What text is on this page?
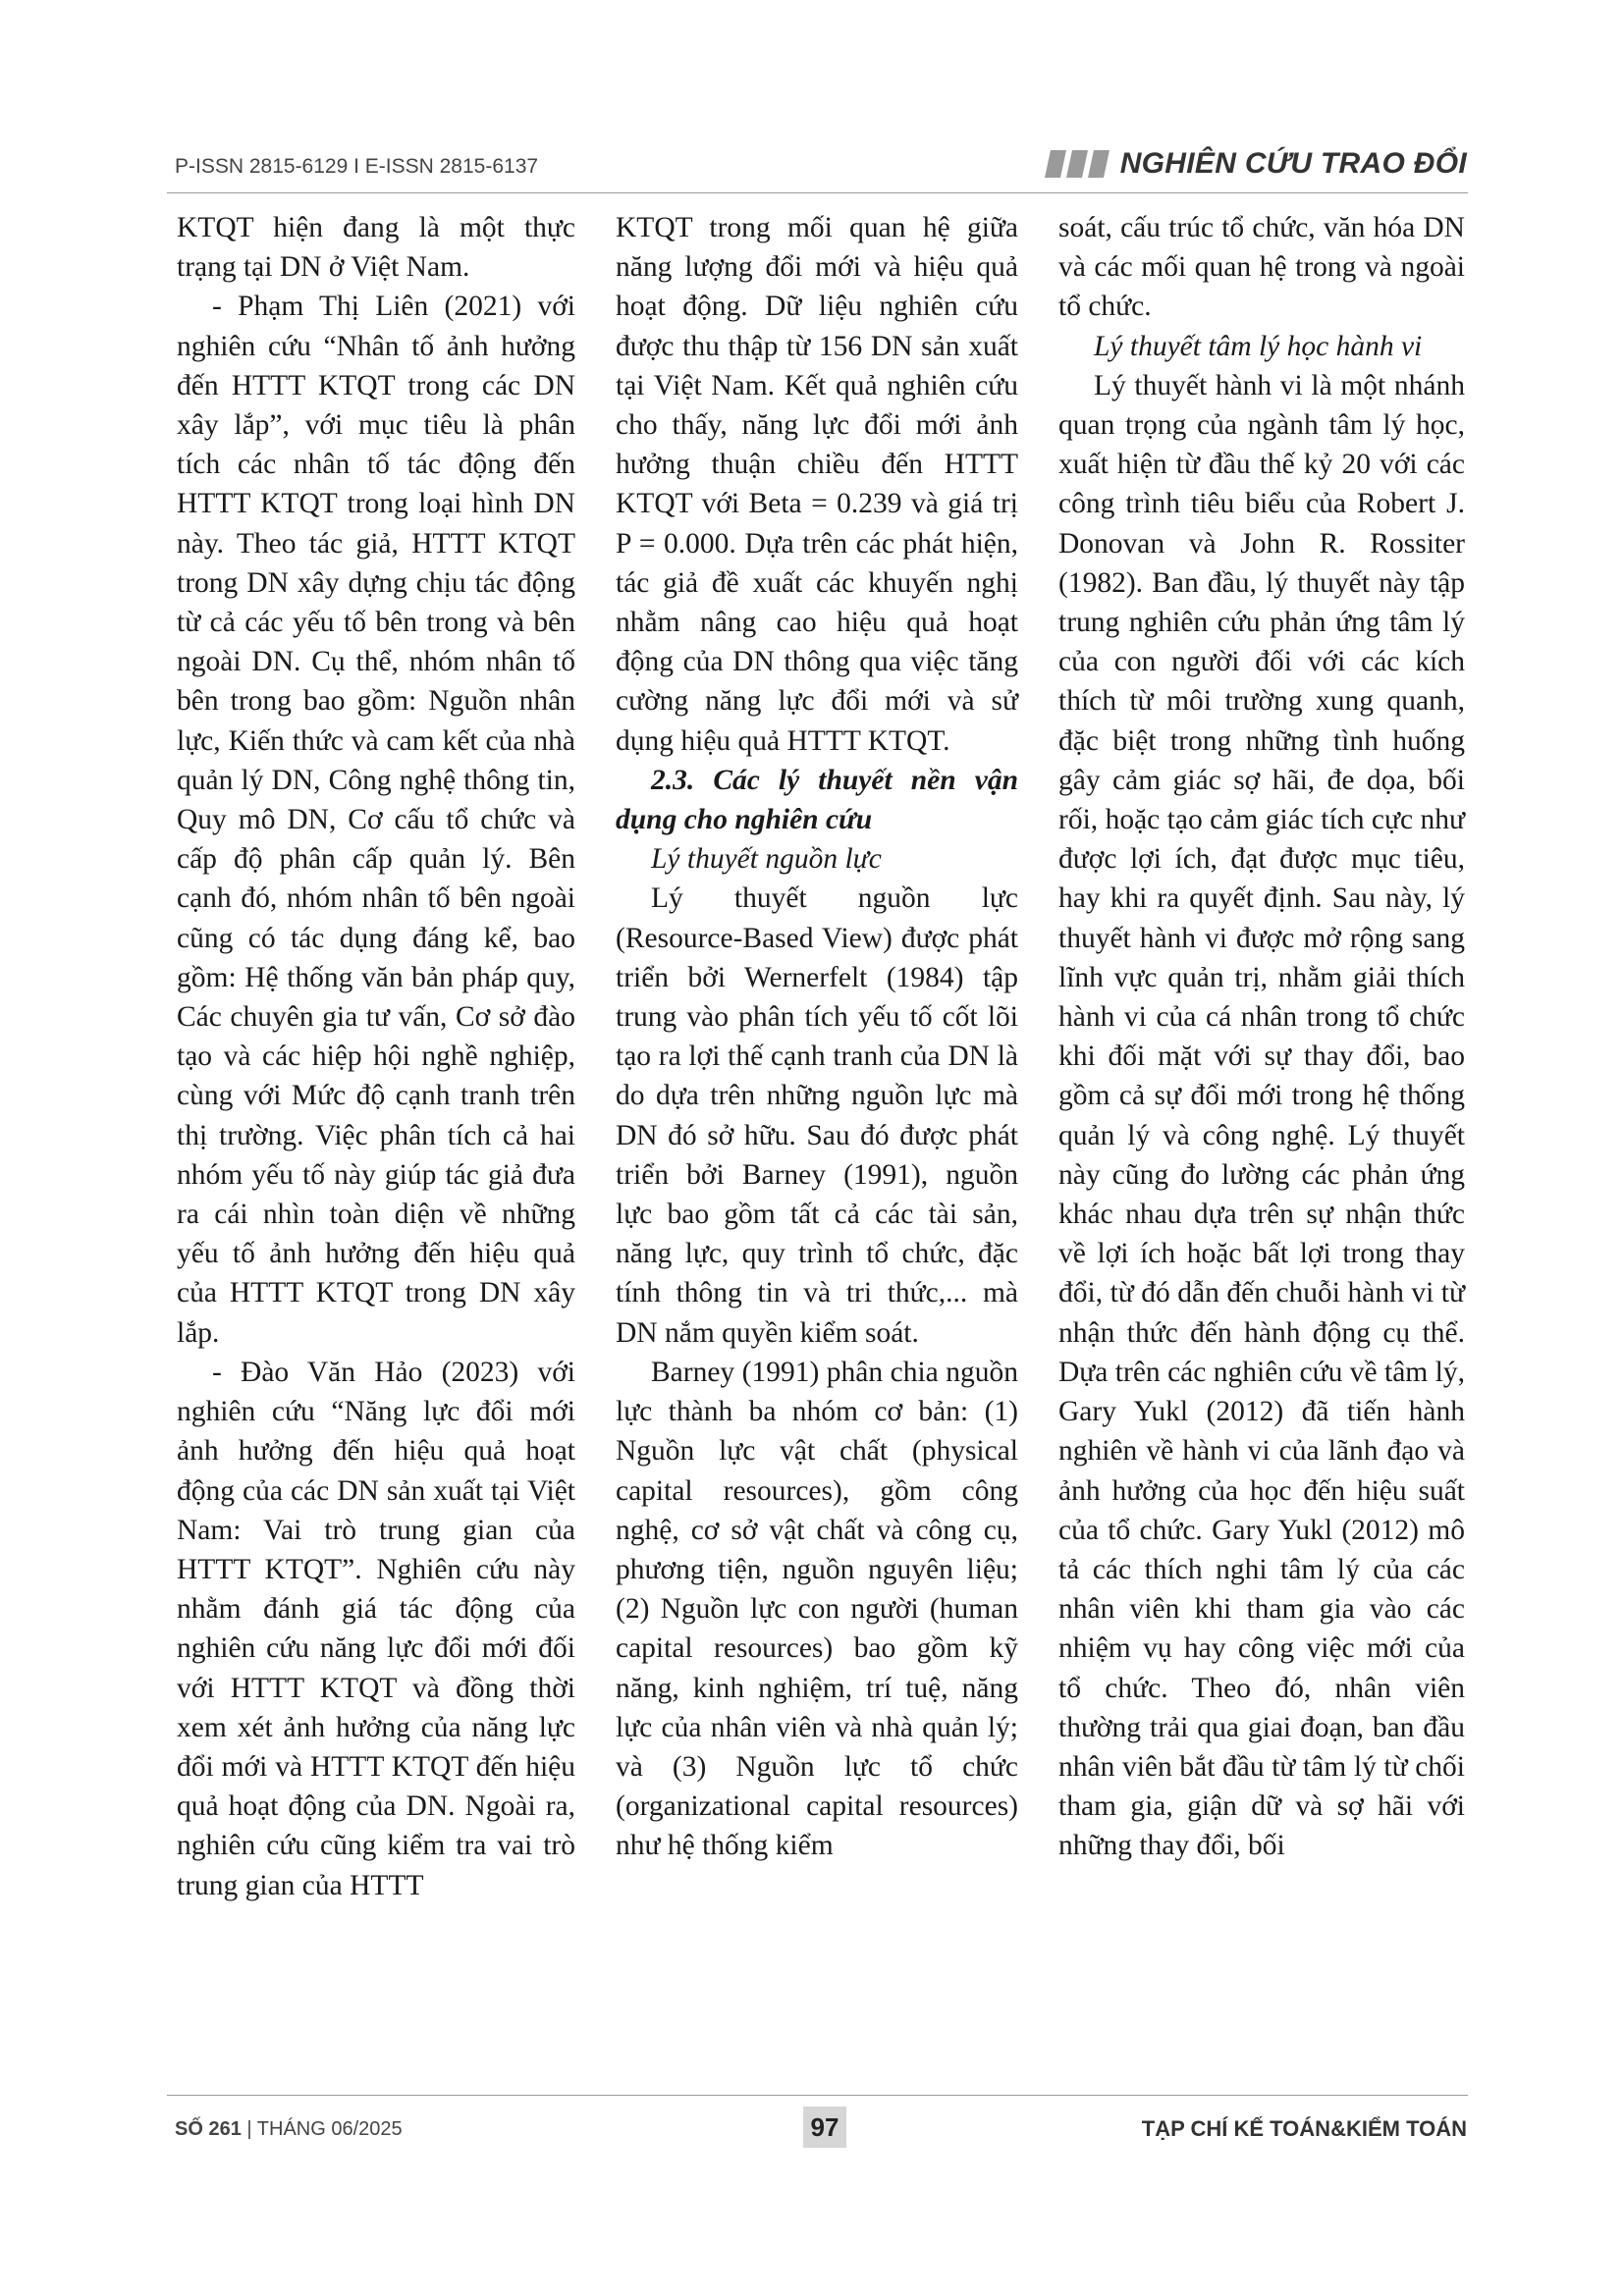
P-ISSN 2815-6129 I E-ISSN 2815-6137	NGHIÊN CỨU TRAO ĐỔI

KTQT hiện đang là một thực trạng tại DN ở Việt Nam.

- Phạm Thị Liên (2021) với nghiên cứu “Nhân tố ảnh hưởng đến HTTT KTQT trong các DN xây lắp”, với mục tiêu là phân tích các nhân tố tác động đến HTTT KTQT trong loại hình DN này. Theo tác giả, HTTT KTQT trong DN xây dựng chịu tác động từ cả các yếu tố bên trong và bên ngoài DN. Cụ thể, nhóm nhân tố bên trong bao gồm: Nguồn nhân lực, Kiến thức và cam kết của nhà quản lý DN, Công nghệ thông tin, Quy mô DN, Cơ cấu tổ chức và cấp độ phân cấp quản lý. Bên cạnh đó, nhóm nhân tố bên ngoài cũng có tác dụng đáng kể, bao gồm: Hệ thống văn bản pháp quy, Các chuyên gia tư vấn, Cơ sở đào tạo và các hiệp hội nghề nghiệp, cùng với Mức độ cạnh tranh trên thị trường. Việc phân tích cả hai nhóm yếu tố này giúp tác giả đưa ra cái nhìn toàn diện về những yếu tố ảnh hưởng đến hiệu quả của HTTT KTQT trong DN xây lắp.

- Đào Văn Hảo (2023) với nghiên cứu “Năng lực đổi mới ảnh hưởng đến hiệu quả hoạt động của các DN sản xuất tại Việt Nam: Vai trò trung gian của HTTT KTQT”. Nghiên cứu này nhằm đánh giá tác động của nghiên cứu năng lực đổi mới đối với HTTT KTQT và đồng thời xem xét ảnh hưởng của năng lực đổi mới và HTTT KTQT đến hiệu quả hoạt động của DN. Ngoài ra, nghiên cứu cũng kiểm tra vai trò trung gian của HTTT

KTQT trong mối quan hệ giữa năng lượng đổi mới và hiệu quả hoạt động. Dữ liệu nghiên cứu được thu thập từ 156 DN sản xuất tại Việt Nam. Kết quả nghiên cứu cho thấy, năng lực đổi mới ảnh hưởng thuận chiều đến HTTT KTQT với Beta = 0.239 và giá trị P = 0.000. Dựa trên các phát hiện, tác giả đề xuất các khuyến nghị nhằm nâng cao hiệu quả hoạt động của DN thông qua việc tăng cường năng lực đổi mới và sử dụng hiệu quả HTTT KTQT.

2.3. Các lý thuyết nền vận dụng cho nghiên cứu

Lý thuyết nguồn lực

Lý thuyết nguồn lực (Resource-Based View) được phát triển bởi Wernerfelt (1984) tập trung vào phân tích yếu tố cốt lõi tạo ra lợi thế cạnh tranh của DN là do dựa trên những nguồn lực mà DN đó sở hữu. Sau đó được phát triển bởi Barney (1991), nguồn lực bao gồm tất cả các tài sản, năng lực, quy trình tổ chức, đặc tính thông tin và tri thức,... mà DN nắm quyền kiểm soát.

Barney (1991) phân chia nguồn lực thành ba nhóm cơ bản: (1) Nguồn lực vật chất (physical capital resources), gồm công nghệ, cơ sở vật chất và công cụ, phương tiện, nguồn nguyên liệu; (2) Nguồn lực con người (human capital resources) bao gồm kỹ năng, kinh nghiệm, trí tuệ, năng lực của nhân viên và nhà quản lý; và (3) Nguồn lực tổ chức (organizational capital resources) như hệ thống kiểm

soát, cấu trúc tổ chức, văn hóa DN và các mối quan hệ trong và ngoài tổ chức.

Lý thuyết tâm lý học hành vi

Lý thuyết hành vi là một nhánh quan trọng của ngành tâm lý học, xuất hiện từ đầu thế kỷ 20 với các công trình tiêu biểu của Robert J. Donovan và John R. Rossiter (1982). Ban đầu, lý thuyết này tập trung nghiên cứu phản ứng tâm lý của con người đối với các kích thích từ môi trường xung quanh, đặc biệt trong những tình huống gây cảm giác sợ hãi, đe dọa, bối rối, hoặc tạo cảm giác tích cực như được lợi ích, đạt được mục tiêu, hay khi ra quyết định. Sau này, lý thuyết hành vi được mở rộng sang lĩnh vực quản trị, nhằm giải thích hành vi của cá nhân trong tổ chức khi đối mặt với sự thay đổi, bao gồm cả sự đổi mới trong hệ thống quản lý và công nghệ. Lý thuyết này cũng đo lường các phản ứng khác nhau dựa trên sự nhận thức về lợi ích hoặc bất lợi trong thay đổi, từ đó dẫn đến chuỗi hành vi từ nhận thức đến hành động cụ thể. Dựa trên các nghiên cứu về tâm lý, Gary Yukl (2012) đã tiến hành nghiên về hành vi của lãnh đạo và ảnh hưởng của học đến hiệu suất của tổ chức. Gary Yukl (2012) mô tả các thích nghi tâm lý của các nhân viên khi tham gia vào các nhiệm vụ hay công việc mới của tổ chức. Theo đó, nhân viên thường trải qua giai đoạn, ban đầu nhân viên bắt đầu từ tâm lý từ chối tham gia, giận dữ và sợ hãi với những thay đổi, bối

SỐ 261 | THÁNG 06/2025	97	TẠP CHÍ KẾ TOÁN&KIỂM TOÁN
